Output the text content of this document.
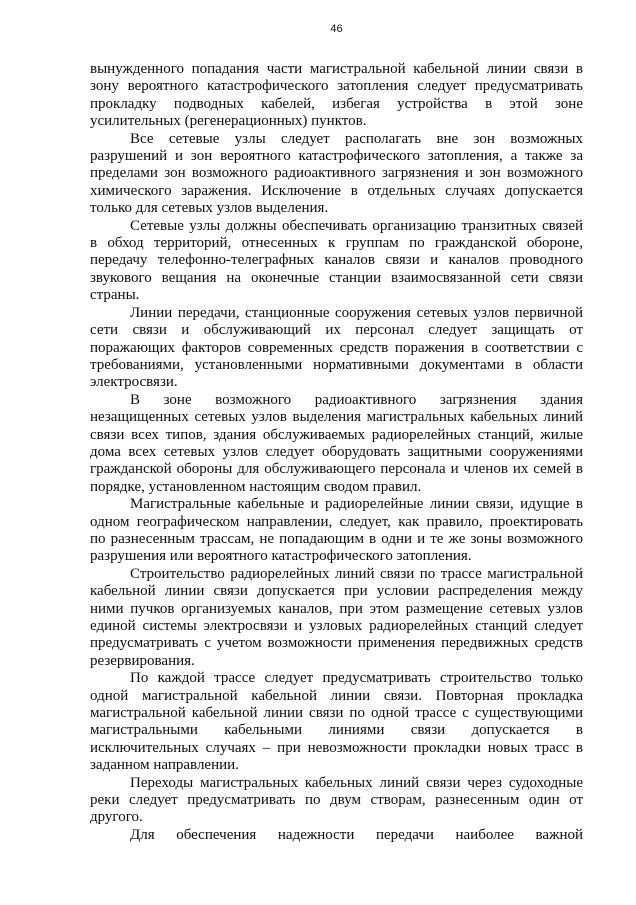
46
вынужденного попадания части магистральной кабельной линии связи в
зону вероятного катастрофического затопления следует предусматривать
прокладку подводных кабелей, избегая устройства в этой зоне
усилительных (регенерационных) пунктов.
Все сетевые узлы следует располагать вне зон возможных
разрушений и зон вероятного катастрофического затопления, а также за
пределами зон возможного радиоактивного загрязнения и зон возможного
химического заражения. Исключение в отдельных случаях допускается
только для сетевых узлов выделения.
Сетевые узлы должны обеспечивать организацию транзитных связей
в обход территорий, отнесенных к группам по гражданской обороне,
передачу телефонно-телеграфных каналов связи и каналов проводного
звукового вещания на оконечные станции взаимосвязанной сети связи
страны.
Линии передачи, станционные сооружения сетевых узлов первичной
сети связи и обслуживающий их персонал следует защищать от
поражающих факторов современных средств поражения в соответствии с
требованиями, установленными нормативными документами в области
электросвязи.
В зоне возможного радиоактивного загрязнения здания
незащищенных сетевых узлов выделения магистральных кабельных линий
связи всех типов, здания обслуживаемых радиорелейных станций, жилые
дома всех сетевых узлов следует оборудовать защитными сооружениями
гражданской обороны для обслуживающего персонала и членов их семей в
порядке, установленном настоящим сводом правил.
Магистральные кабельные и радиорелейные линии связи, идущие в
одном географическом направлении, следует, как правило, проектировать
по разнесенным трассам, не попадающим в одни и те же зоны возможного
разрушения или вероятного катастрофического затопления.
Строительство радиорелейных линий связи по трассе магистральной
кабельной линии связи допускается при условии распределения между
ними пучков организуемых каналов, при этом размещение сетевых узлов
единой системы электросвязи и узловых радиорелейных станций следует
предусматривать с учетом возможности применения передвижных средств
резервирования.
По каждой трассе следует предусматривать строительство только
одной магистральной кабельной линии связи. Повторная прокладка
магистральной кабельной линии связи по одной трассе с существующими
магистральными кабельными линиями связи допускается в
исключительных случаях – при невозможности прокладки новых трасс в
заданном направлении.
Переходы магистральных кабельных линий связи через судоходные
реки следует предусматривать по двум створам, разнесенным один от
другого.
Для обеспечения надежности передачи наиболее важной
